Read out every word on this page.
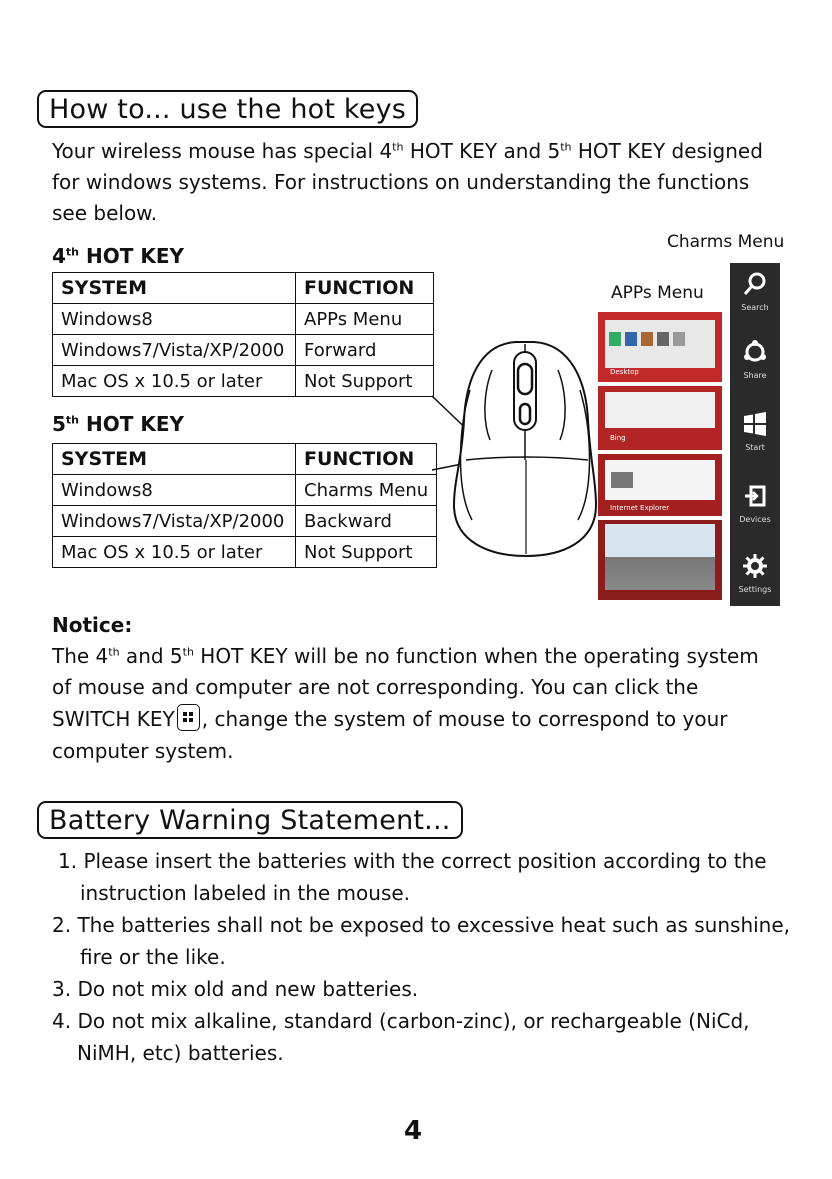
How to... use the hot keys
Your wireless mouse has special 4th HOT KEY and 5th HOT KEY designed
for windows systems. For instructions on understanding the functions
see below.
4th HOT KEY
SYSTEM	FUNCTION
Windows8	APPs Menu
Windows7/Vista/XP/2000	Forward
Mac OS x 10.5 or later	Not Support
5th HOT KEY
SYSTEM	FUNCTION
Windows8	Charms Menu
Windows7/Vista/XP/2000	Backward
Mac OS x 10.5 or later	Not Support
Charms Menu
APPs Menu
Desktop
Bing
Internet Explorer
Search
Share
Start
Devices
Settings
Notice:
The 4th and 5th HOT KEY will be no function when the operating system
of mouse and computer are not corresponding. You can click the
SWITCH KEY , change the system of mouse to correspond to your
computer system.
Battery Warning Statement...
1. Please insert the batteries with the correct position according to the
instruction labeled in the mouse.
2. The batteries shall not be exposed to excessive heat such as sunshine,
fire or the like.
3. Do not mix old and new batteries.
4. Do not mix alkaline, standard (carbon-zinc), or rechargeable (NiCd,
NiMH, etc) batteries.
4
